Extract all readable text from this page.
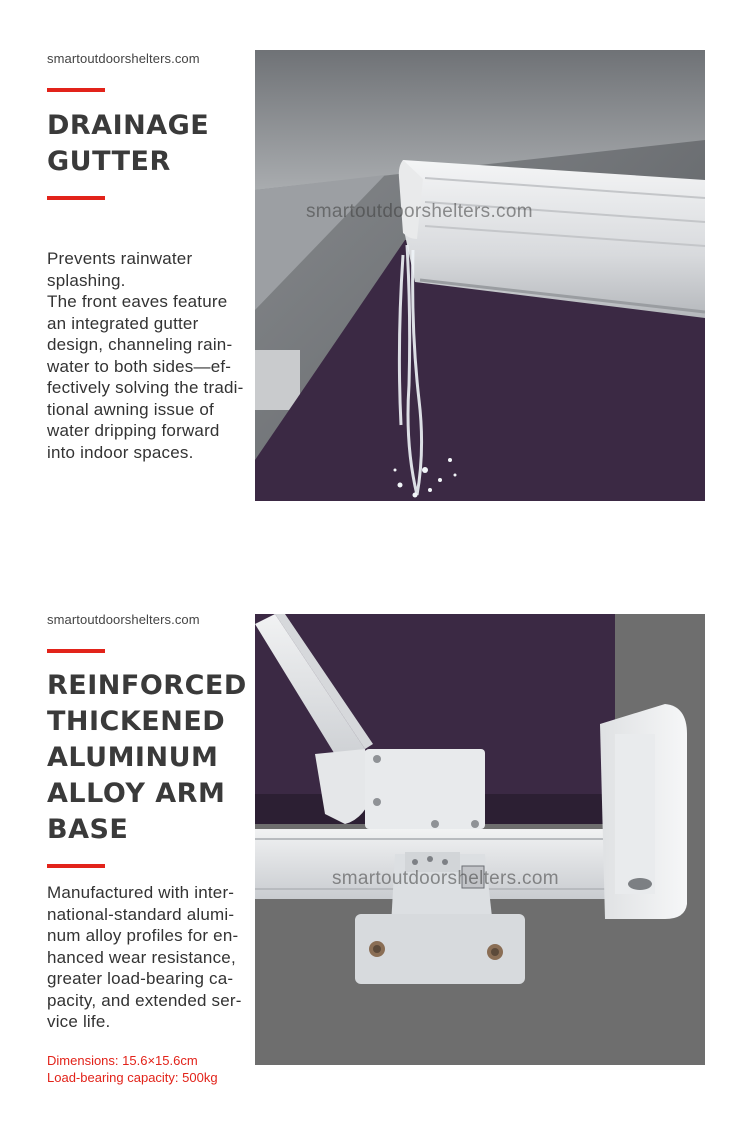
smartoutdoorshelters.com
DRAINAGE
GUTTER

Prevents rainwater
splashing.
The front eaves feature
an integrated gutter
design, channeling rain-
water to both sides—ef-
fectively solving the tradi-
tional awning issue of
water dripping forward
into indoor spaces.

smartoutdoorshelters.com
smartoutdoorshelters.com
REINFORCED
THICKENED
ALUMINUM
ALLOY ARM
BASE

Manufactured with inter-
national-standard alumi-
num alloy profiles for en-
hanced wear resistance,
greater load-bearing ca-
pacity, and extended ser-
vice life.

Dimensions: 15.6×15.6cm
Load-bearing capacity: 500kg
smartoutdoorshelters.com
